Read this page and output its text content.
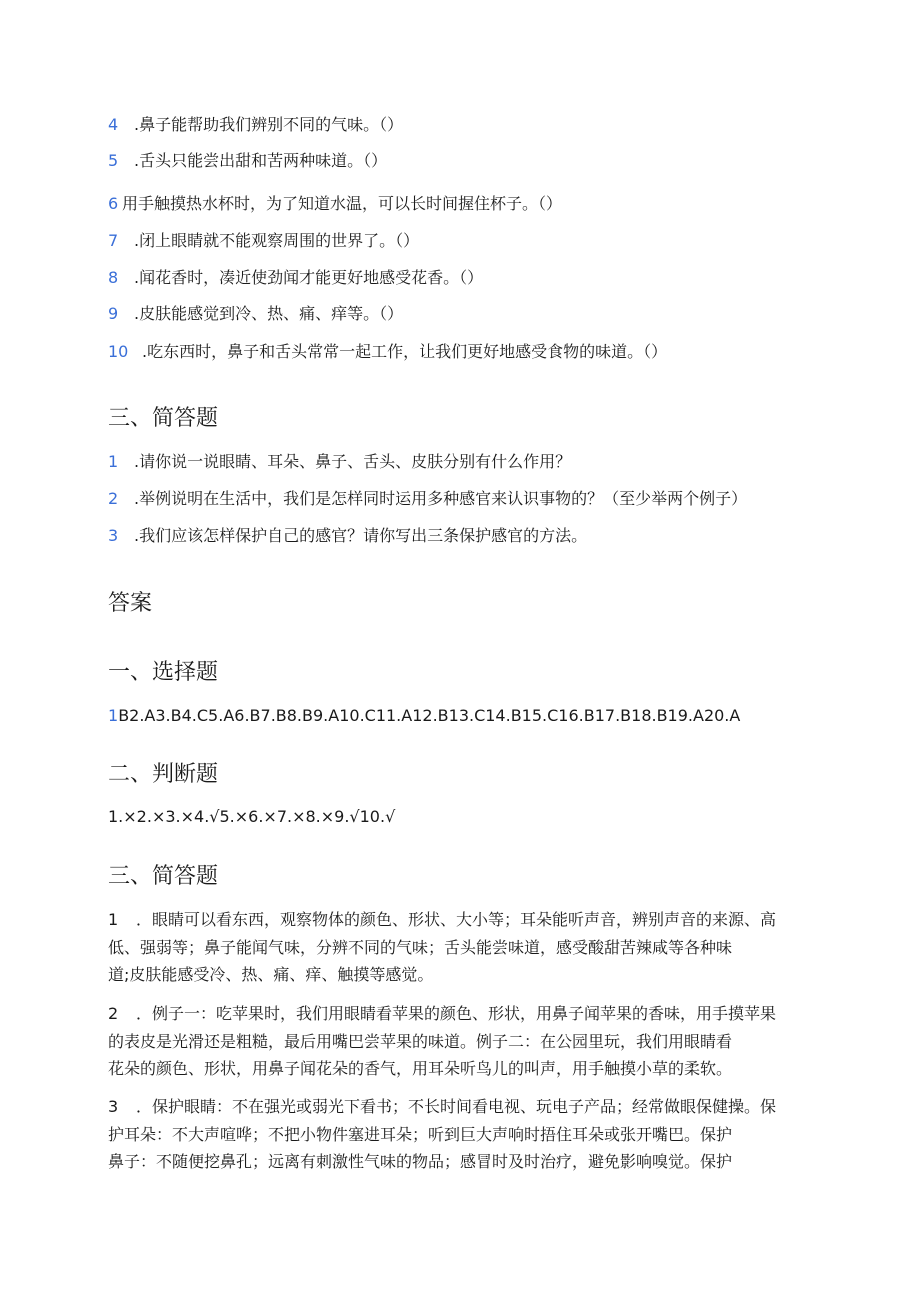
4 .鼻子能帮助我们辨别不同的气味。（）
5 .舌头只能尝出甜和苦两种味道。（）
6 用手触摸热水杯时，为了知道水温，可以长时间握住杯子。（）
7 .闭上眼睛就不能观察周围的世界了。（）
8 .闻花香时，凑近使劲闻才能更好地感受花香。（）
9 .皮肤能感觉到冷、热、痛、痒等。（）
10 .吃东西时，鼻子和舌头常常一起工作，让我们更好地感受食物的味道。（）
三、简答题
1 .请你说一说眼睛、耳朵、鼻子、舌头、皮肤分别有什么作用？
2 .举例说明在生活中，我们是怎样同时运用多种感官来认识事物的？（至少举两个例子）
3 .我们应该怎样保护自己的感官？请你写出三条保护感官的方法。
答案
一、选择题
1B2.A3.B4.C5.A6.B7.B8.B9.A10.C11.A12.B13.C14.B15.C16.B17.B18.B19.A20.A
二、判断题
1.×2.×3.×4.√5.×6.×7.×8.×9.√10.√
三、简答题

1 ．眼睛可以看东西，观察物体的颜色、形状、大小等；耳朵能听声音，辨别声音的来源、高

低、强弱等；鼻子能闻气味，分辨不同的气味；舌头能尝味道，感受酸甜苦辣咸等各种味

道;皮肤能感受冷、热、痛、痒、触摸等感觉。

2 ．例子一：吃苹果时，我们用眼睛看苹果的颜色、形状，用鼻子闻苹果的香味，用手摸苹果

的表皮是光滑还是粗糙，最后用嘴巴尝苹果的味道。例子二：在公园里玩，我们用眼睛看

花朵的颜色、形状，用鼻子闻花朵的香气，用耳朵听鸟儿的叫声，用手触摸小草的柔软。

3 ．保护眼睛：不在强光或弱光下看书；不长时间看电视、玩电子产品；经常做眼保健操。保

护耳朵：不大声喧哗；不把小物件塞进耳朵；听到巨大声响时捂住耳朵或张开嘴巴。保护

鼻子：不随便挖鼻孔；远离有刺激性气味的物品；感冒时及时治疗，避免影响嗅觉。保护
